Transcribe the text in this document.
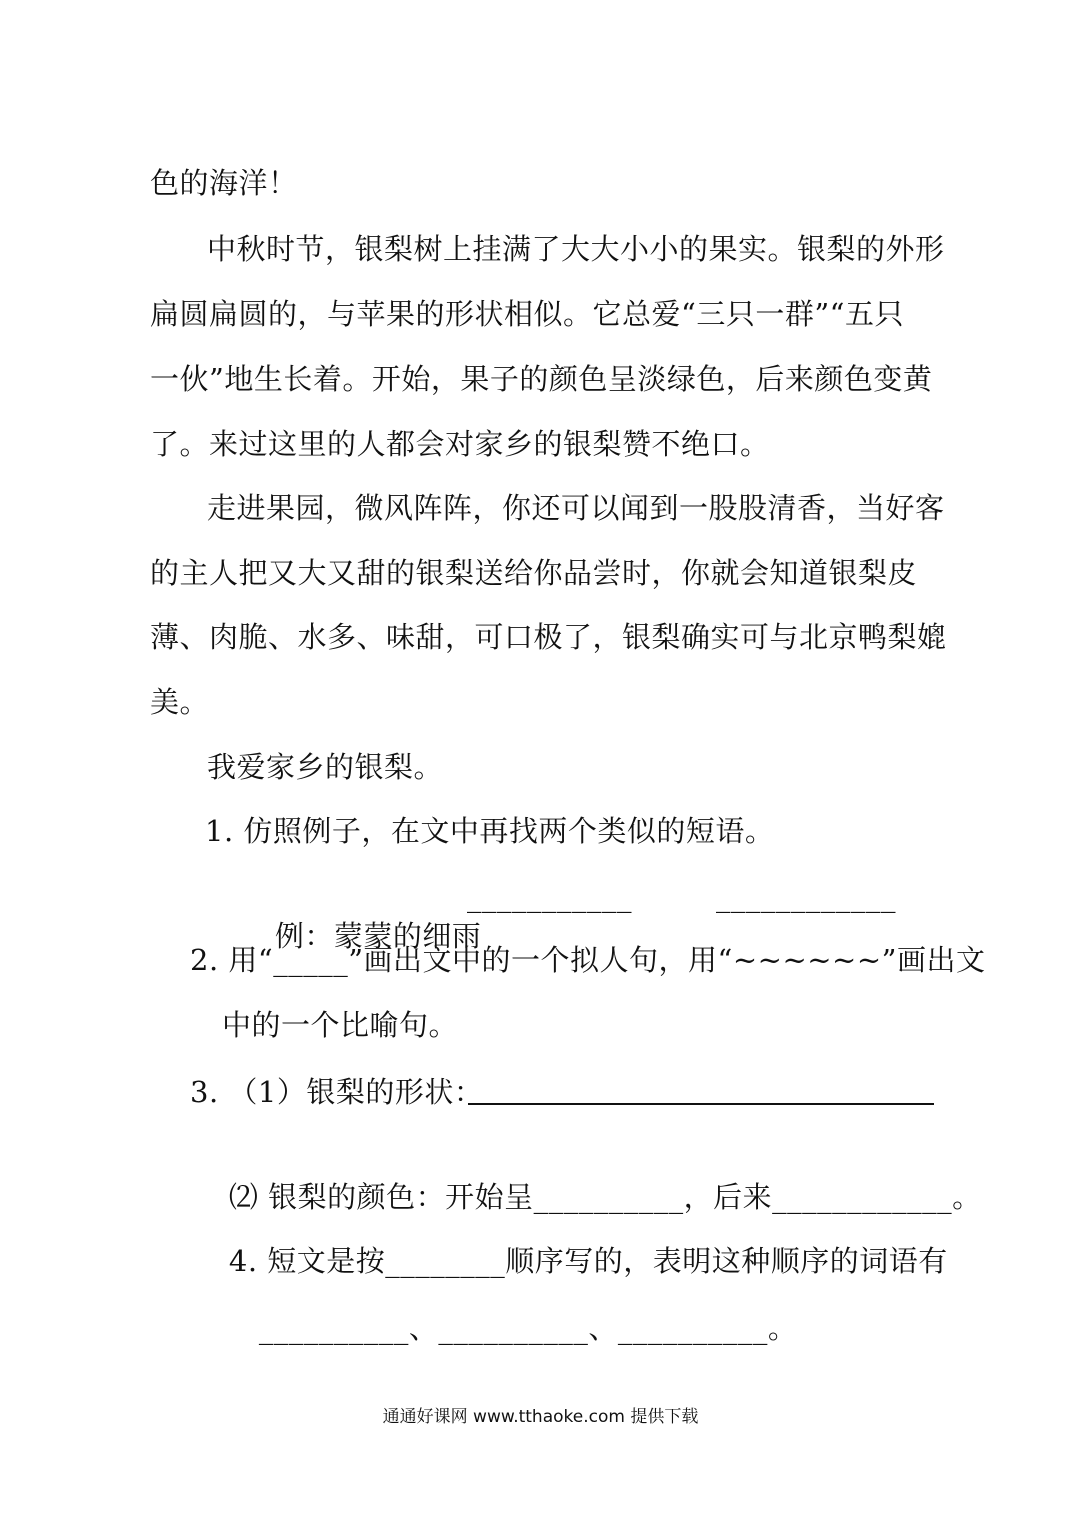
色的海洋！
中秋时节，银梨树上挂满了大大小小的果实。银梨的外形
扁圆扁圆的，与苹果的形状相似。它总爱“三只一群”“五只
一伙”地生长着。开始，果子的颜色呈淡绿色，后来颜色变黄
了。来过这里的人都会对家乡的银梨赞不绝口。
走进果园，微风阵阵，你还可以闻到一股股清香，当好客
的主人把又大又甜的银梨送给你品尝时，你就会知道银梨皮
薄、肉脆、水多、味甜，可口极了，银梨确实可与北京鸭梨媲
美。
我爱家乡的银梨。
1. 仿照例子，在文中再找两个类似的短语。

例：蒙蒙的细雨

___________

	____________

2. 用“_____”画出文中的一个拟人句，用“~~~~~~”画出文
中的一个比喻句。
3. （1）银梨的形状：

⑵ 银梨的颜色：开始呈__________，后来____________。

4. 短文是按________顺序写的，表明这种顺序的词语有

__________、__________、__________。

通通好课网 www.tthaoke.com 提供下载
